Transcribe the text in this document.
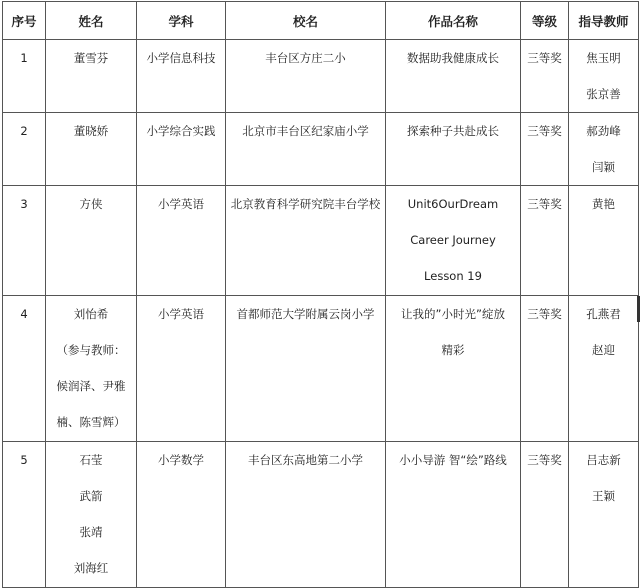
序号	姓名	学科	校名	作品名称	等级	指导教师

1	董雪芬	小学信息科技	丰台区方庄二小	数据助我健康成长	三等奖	焦玉明
张京善

2	董晓娇	小学综合实践	北京市丰台区纪家庙小学	探索种子共赴成长	三等奖	郝劲峰
闫颖

3	方侠	小学英语	北京教育科学研究院丰台学校	Unit6OurDream
Career Journey
Lesson 19	三等奖	黄艳

4	刘怡希
（参与教师：
候润泽、尹雅
楠、陈雪辉）	小学英语	首都师范大学附属云岗小学	让我的”小时光”绽放
精彩	三等奖	孔燕君
赵迎

5	石莹
武箭
张靖
刘海红	小学数学	丰台区东高地第二小学	小小导游 智“绘”路线	三等奖	吕志新
王颖
